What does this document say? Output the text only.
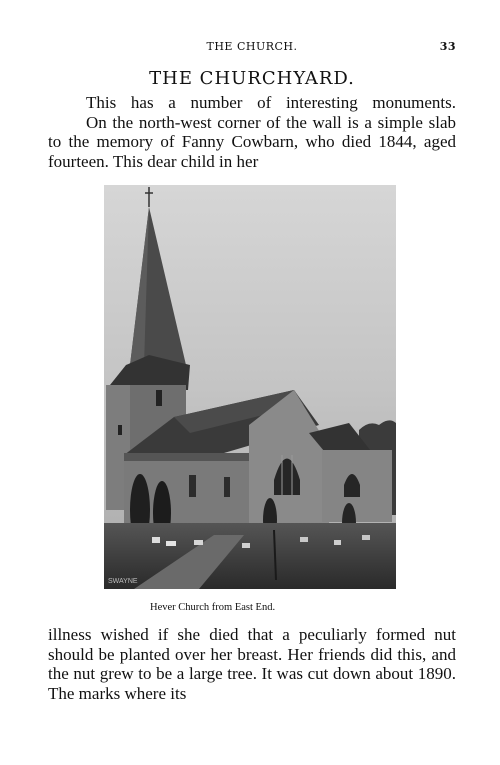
THE CHURCH.	33
THE CHURCHYARD.

This has a number of interesting monuments.

On the north-west corner of the wall is a simple slab to the memory of Fanny Cowbarn, who died 1844, aged fourteen. This dear child in her

SWAYNE
Hever Church from East End.

illness wished if she died that a peculiarly formed nut should be planted over her breast. Her friends did this, and the nut grew to be a large tree. It was cut down about 1890. The marks where its
